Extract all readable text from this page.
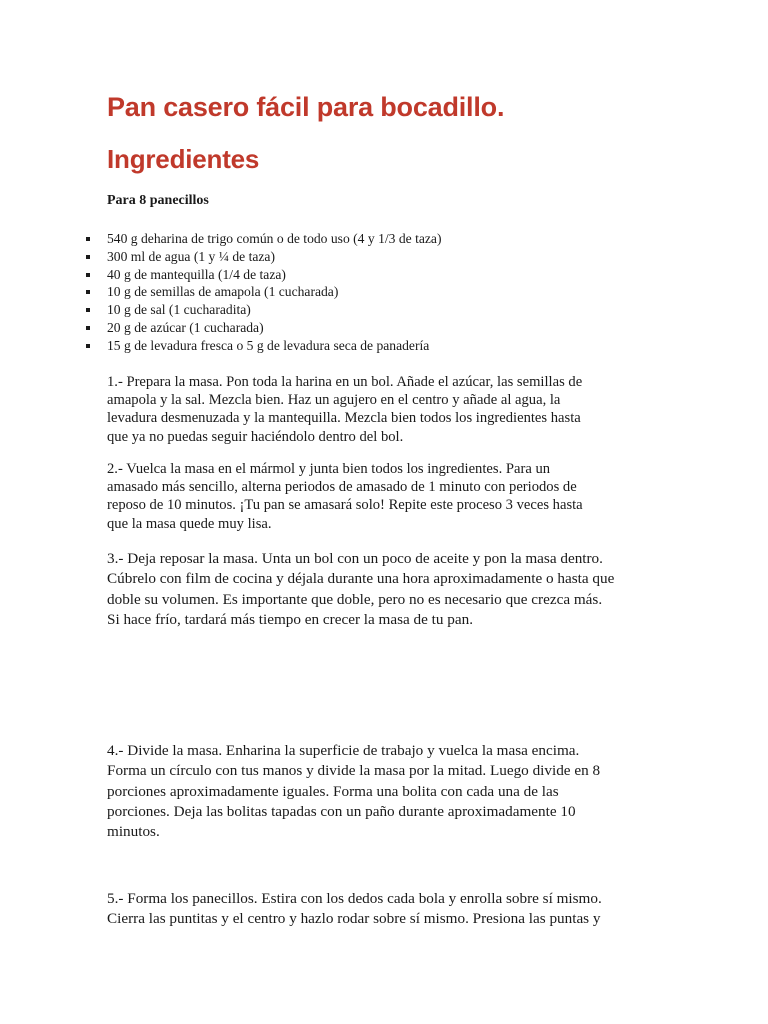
Pan casero fácil para bocadillo.
Ingredientes

Para 8 panecillos

540 g deharina de trigo común o de todo uso (4 y 1/3 de taza)
300 ml de agua (1 y ¼ de taza)
40 g de mantequilla (1/4 de taza)
10 g de semillas de amapola (1 cucharada)
10 g de sal (1 cucharadita)
20 g de azúcar (1 cucharada)
15 g de levadura fresca o 5 g de levadura seca de panadería

1.- Prepara la masa. Pon toda la harina en un bol. Añade el azúcar, las semillas de
amapola y la sal. Mezcla bien. Haz un agujero en el centro y añade al agua, la
levadura desmenuzada y la mantequilla. Mezcla bien todos los ingredientes hasta
que ya no puedas seguir haciéndolo dentro del bol.

2.- Vuelca la masa en el mármol y junta bien todos los ingredientes. Para un
amasado más sencillo, alterna periodos de amasado de 1 minuto con periodos de
reposo de 10 minutos. ¡Tu pan se amasará solo! Repite este proceso 3 veces hasta
que la masa quede muy lisa.

3.- Deja reposar la masa. Unta un bol con un poco de aceite y pon la masa dentro.
Cúbrelo con film de cocina y déjala durante una hora aproximadamente o hasta que
doble su volumen. Es importante que doble, pero no es necesario que crezca más.
Si hace frío, tardará más tiempo en crecer la masa de tu pan.

4.- Divide la masa. Enharina la superficie de trabajo y vuelca la masa encima.
Forma un círculo con tus manos y divide la masa por la mitad. Luego divide en 8
porciones aproximadamente iguales. Forma una bolita con cada una de las
porciones. Deja las bolitas tapadas con un paño durante aproximadamente 10
minutos.

5.- Forma los panecillos. Estira con los dedos cada bola y enrolla sobre sí mismo.
Cierra las puntitas y el centro y hazlo rodar sobre sí mismo. Presiona las puntas y
